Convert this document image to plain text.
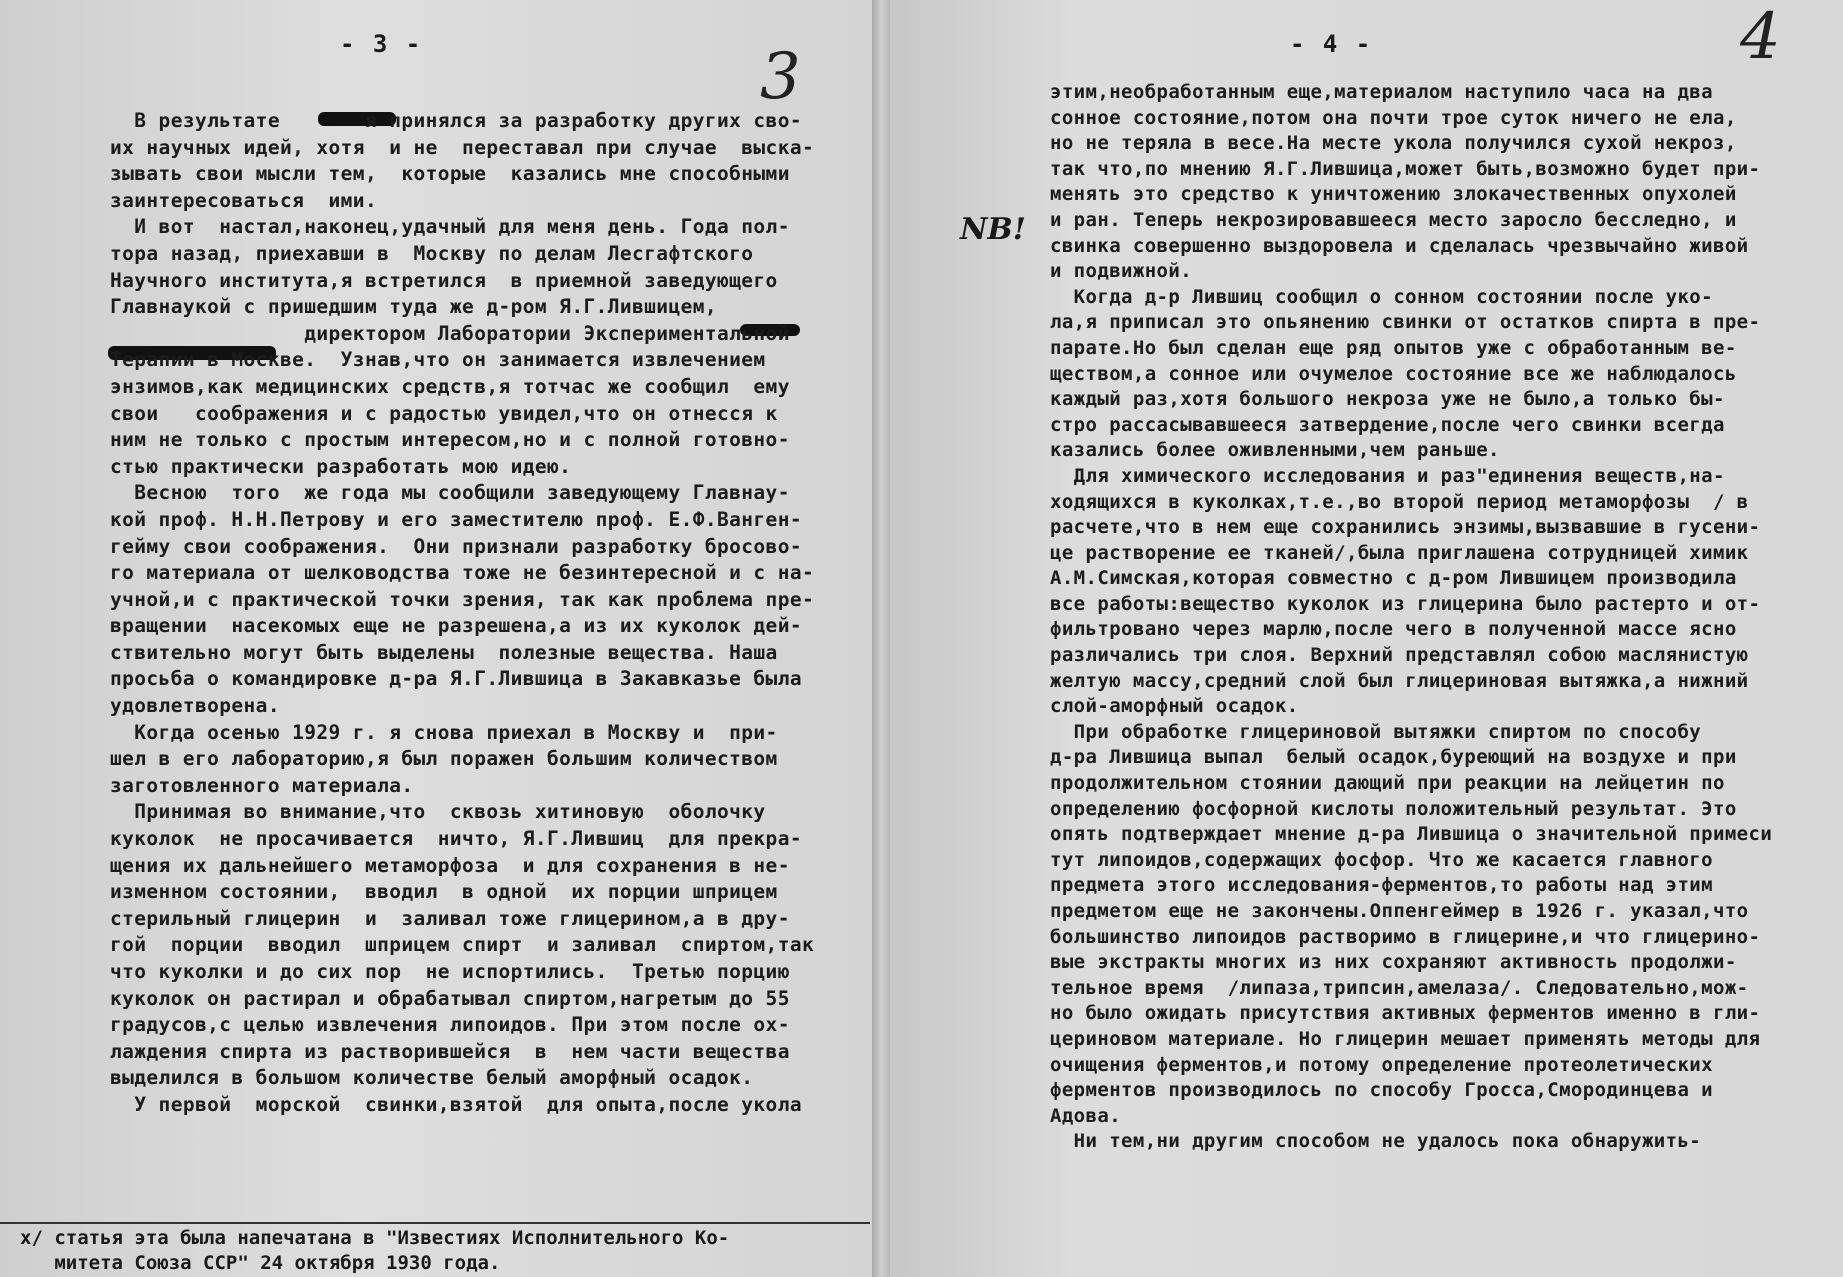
- 3 -	3
В результате       я принялся за разработку других сво-
их научных идей, хотя  и не  переставал при случае  выска-
зывать свои мысли тем,  которые  казались мне способными
заинтересоваться  ими.
И вот  настал,наконец,удачный для меня день. Года пол-
тора назад, приехавши в  Москву по делам Лесгафтского
Научного института,я встретился  в приемной заведующего
Главнаукой с пришедшим туда же д-ром Я.Г.Лившицем,
директором Лаборатории Экспериментальной
Терапии в Москве.  Узнав,что он занимается извлечением
энзимов,как медицинских средств,я тотчас же сообщил  ему
свои   соображения и с радостью увидел,что он отнесся к
ним не только с простым интересом,но и с полной готовно-
стью практически разработать мою идею.
Весною  того  же года мы сообщили заведующему Главнау-
кой проф. Н.Н.Петрову и его заместителю проф. Е.Ф.Ванген-
гейму свои соображения.  Они признали разработку бросово-
го материала от шелководства тоже не безинтересной и с на-
учной,и с практической точки зрения, так как проблема пре-
вращении  насекомых еще не разрешена,а из их куколок дей-
ствительно могут быть выделены  полезные вещества. Наша
просьба о командировке д-ра Я.Г.Лившица в Закавказье была
удовлетворена.
Когда осенью 1929 г. я снова приехал в Москву и  при-
шел в его лабораторию,я был поражен большим количеством
заготовленного материала.
Принимая во внимание,что  сквозь хитиновую  оболочку
куколок  не просачивается  ничто, Я.Г.Лившиц  для прекра-
щения их дальнейшего метаморфоза  и для сохранения в не-
изменном состоянии,  вводил  в одной  их порции шприцем
стерильный глицерин  и  заливал тоже глицерином,а в дру-
гой  порции  вводил  шприцем спирт  и заливал  спиртом,так
что куколки и до сих пор  не испортились.  Третью порцию
куколок он растирал и обрабатывал спиртом,нагретым до 55
градусов,с целью извлечения липоидов. При этом после ох-
лаждения спирта из растворившейся  в  нем части вещества
выделился в большом количестве белый аморфный осадок.
У первой  морской  свинки,взятой  для опыта,после укола
x/ статья эта была напечатана в "Известиях Исполнительного Ко-
митета Союза ССР" 24 октября 1930 года.
- 4 -	4
NB!
этим,необработанным еще,материалом наступило часа на два
сонное состояние,потом она почти трое суток ничего не ела,
но не теряла в весе.На месте укола получился сухой некроз,
так что,по мнению Я.Г.Лившица,может быть,возможно будет при-
менять это средство к уничтожению злокачественных опухолей
и ран. Теперь некрозировавшееся место заросло бесследно, и
свинка совершенно выздоровела и сделалась чрезвычайно живой
и подвижной.
Когда д-р Лившиц сообщил о сонном состоянии после уко-
ла,я приписал это опьянению свинки от остатков спирта в пре-
парате.Но был сделан еще ряд опытов уже с обработанным ве-
ществом,а сонное или очумелое состояние все же наблюдалось
каждый раз,хотя большого некроза уже не было,а только бы-
стро рассасывавшееся затвердение,после чего свинки всегда
казались более оживленными,чем раньше.
Для химического исследования и раз"единения веществ,на-
ходящихся в куколках,т.е.,во второй период метаморфозы  / в
расчете,что в нем еще сохранились энзимы,вызвавшие в гусени-
це растворение ее тканей/,была приглашена сотрудницей химик
А.М.Симская,которая совместно с д-ром Лившицем производила
все работы:вещество куколок из глицерина было растерто и от-
фильтровано через марлю,после чего в полученной массе ясно
различались три слоя. Верхний представлял собою маслянистую
желтую массу,средний слой был глицериновая вытяжка,а нижний
слой-аморфный осадок.
При обработке глицериновой вытяжки спиртом по способу
д-ра Лившица выпал  белый осадок,буреющий на воздухе и при
продолжительном стоянии дающий при реакции на лейцетин по
определению фосфорной кислоты положительный результат. Это
опять подтверждает мнение д-ра Лившица о значительной примеси
тут липоидов,содержащих фосфор. Что же касается главного
предмета этого исследования-ферментов,то работы над этим
предметом еще не закончены.Оппенгеймер в 1926 г. указал,что
большинство липоидов растворимо в глицерине,и что глицерино-
вые экстракты многих из них сохраняют активность продолжи-
тельное время  /липаза,трипсин,амелаза/. Следовательно,мож-
но было ожидать присутствия активных ферментов именно в гли-
цериновом материале. Но глицерин мешает применять методы для
очищения ферментов,и потому определение протеолетических
ферментов производилось по способу Гросса,Смородинцева и
Адова.
Ни тем,ни другим способом не удалось пока обнаружить-
